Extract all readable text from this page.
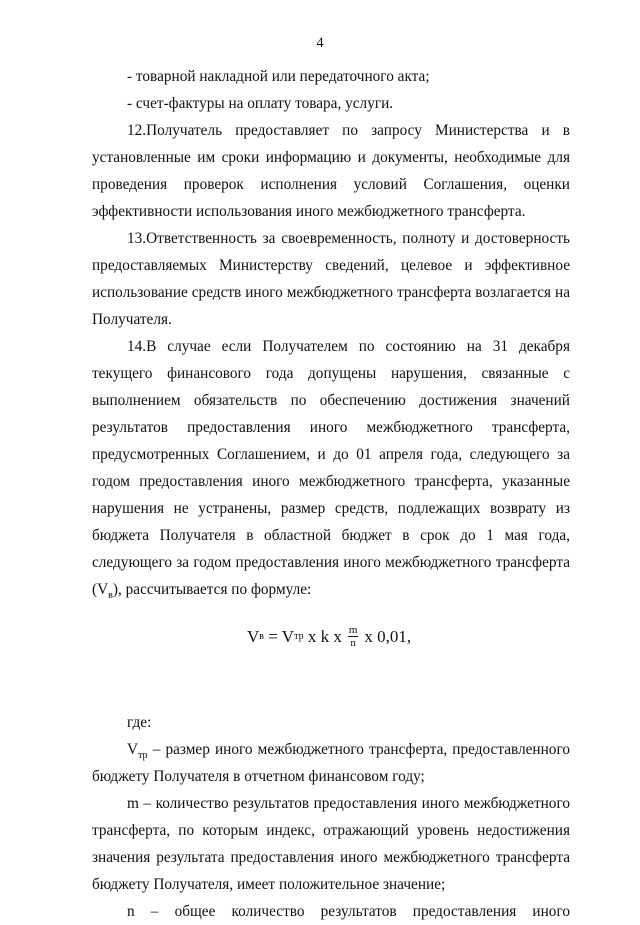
4

- товарной накладной или передаточного акта;

- счет-фактуры на оплату товара, услуги.

12.Получатель предоставляет по запросу Министерства и в установленные им сроки информацию и документы, необходимые для проведения проверок исполнения условий Соглашения, оценки эффективности использования иного межбюджетного трансферта.

13.Ответственность за своевременность, полноту и достоверность предоставляемых Министерству сведений, целевое и эффективное использование средств иного межбюджетного трансферта возлагается на Получателя.

14.В случае если Получателем по состоянию на 31 декабря текущего финансового года допущены нарушения, связанные с выполнением обязательств по обеспечению достижения значений результатов предоставления иного межбюджетного трансферта, предусмотренных Соглашением, и до 01 апреля года, следующего за годом предоставления иного межбюджетного трансферта, указанные нарушения не устранены, размер средств, подлежащих возврату из бюджета Получателя в областной бюджет в срок до 1 мая года, следующего за годом предоставления иного межбюджетного трансферта $(V_в)$, рассчитывается по формуле:

V в = V тр x k x $\frac{m}{n}$ x 0,01,

где:

$V_{тр}$ – размер иного межбюджетного трансферта, предоставленного бюджету Получателя в отчетном финансовом году;

m – количество результатов предоставления иного межбюджетного трансферта, по которым индекс, отражающий уровень недостижения значения результата предоставления иного межбюджетного трансферта бюджету Получателя, имеет положительное значение;

n – общее количество результатов предоставления иного
